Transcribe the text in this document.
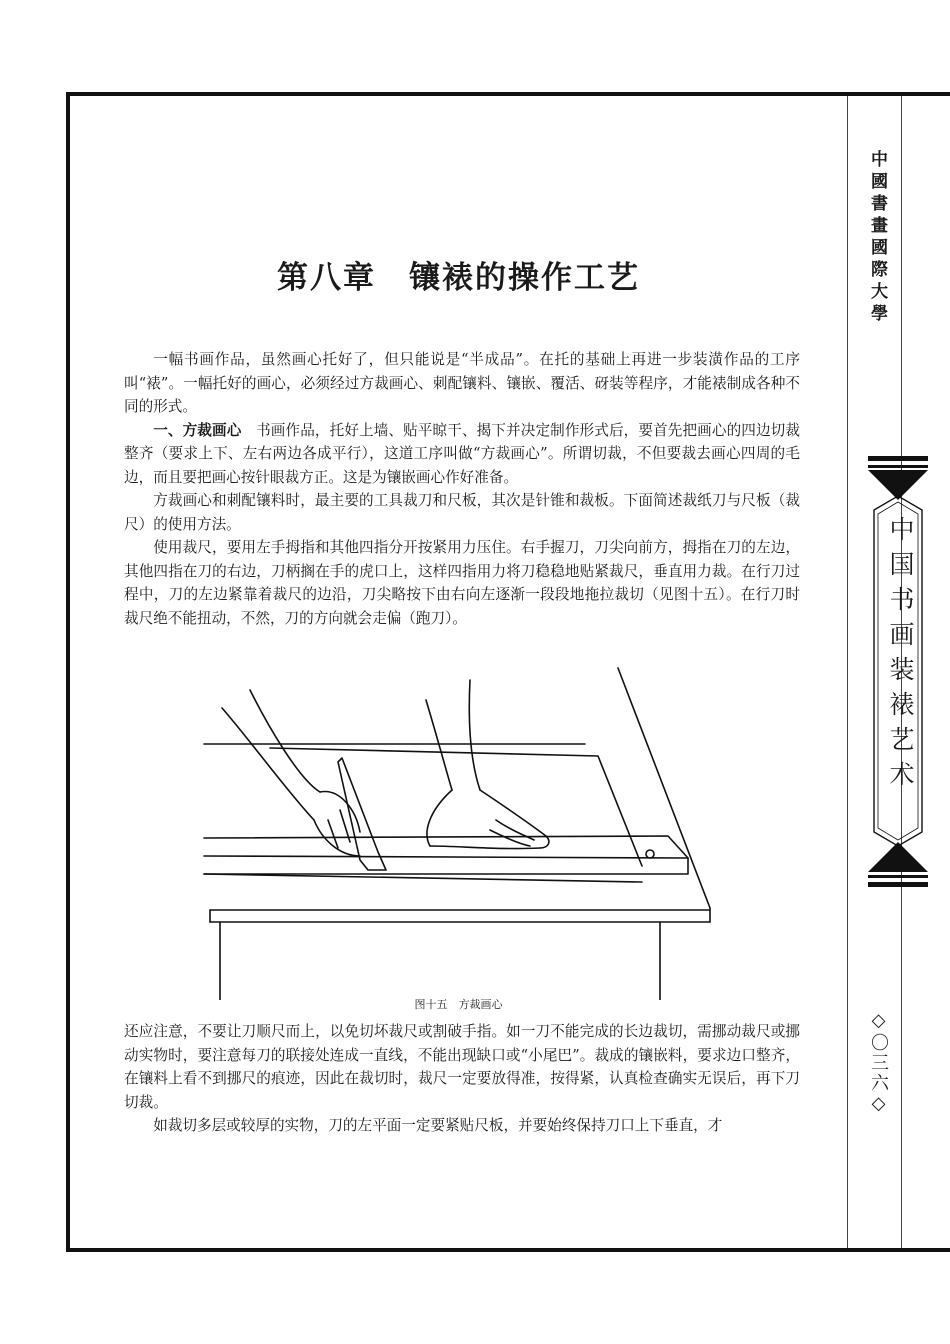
第八章　镶裱的操作工艺

一幅书画作品，虽然画心托好了，但只能说是“半成品”。在托的基础上再进一步装潢作品的工序叫“裱”。一幅托好的画心，必须经过方裁画心、刺配镶料、镶嵌、覆活、砑装等程序，才能裱制成各种不同的形式。

一、方裁画心　书画作品，托好上墙、贴平晾干、揭下并决定制作形式后，要首先把画心的四边切裁整齐（要求上下、左右两边各成平行），这道工序叫做“方裁画心”。所谓切裁，不但要裁去画心四周的毛边，而且要把画心按针眼裁方正。这是为镶嵌画心作好准备。

方裁画心和刺配镶料时，最主要的工具裁刀和尺板，其次是针锥和裁板。下面简述裁纸刀与尺板（裁尺）的使用方法。

使用裁尺，要用左手拇指和其他四指分开按紧用力压住。右手握刀，刀尖向前方，拇指在刀的左边，其他四指在刀的右边，刀柄搁在手的虎口上，这样四指用力将刀稳稳地贴紧裁尺，垂直用力裁。在行刀过程中，刀的左边紧靠着裁尺的边沿，刀尖略按下由右向左逐渐一段段地拖拉裁切（见图十五）。在行刀时裁尺绝不能扭动，不然，刀的方向就会走偏（跑刀）。

图十五　方裁画心

还应注意，不要让刀顺尺而上，以免切坏裁尺或割破手指。如一刀不能完成的长边裁切，需挪动裁尺或挪动实物时，要注意每刀的联接处连成一直线，不能出现缺口或“小尾巴”。裁成的镶嵌料，要求边口整齐，在镶料上看不到挪尺的痕迹，因此在裁切时，裁尺一定要放得准，按得紧，认真检查确实无误后，再下刀切裁。

如裁切多层或较厚的实物，刀的左平面一定要紧贴尺板，并要始终保持刀口上下垂直，才

中國書畫國際大學
中国书画装裱艺术
◇〇三六◇
